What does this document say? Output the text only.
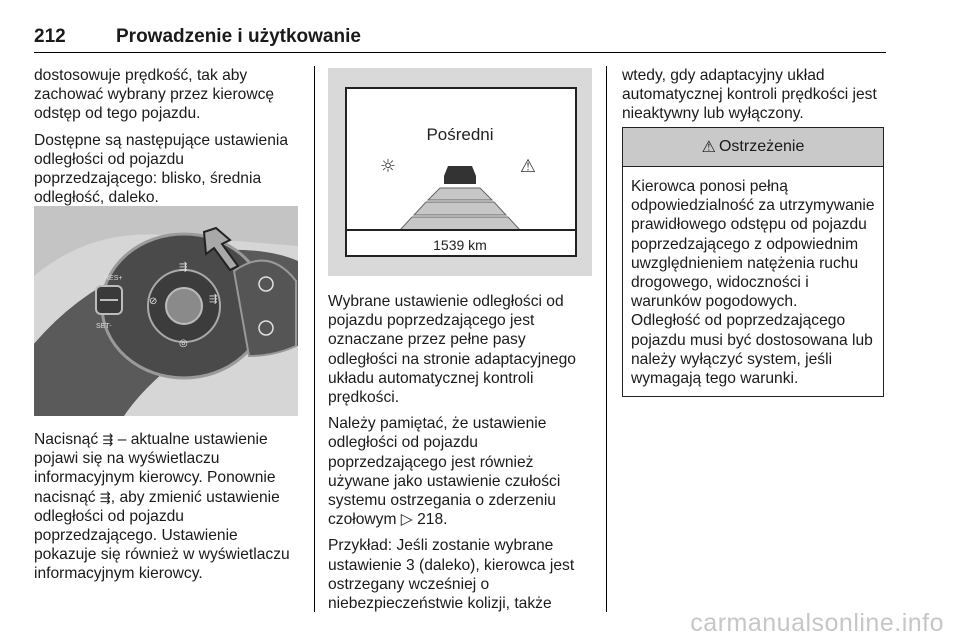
212	Prowadzenie i użytkowanie

dostosowuje prędkość, tak aby zachować wybrany przez kierowcę odstęp od tego pojazdu.

Dostępne są następujące ustawienia odległości od pojazdu poprzedzającego: blisko, średnia odległość, daleko.

RES+
SET-
⊘
◎
⇶
⇶

Nacisnąć ⇶ – aktualne ustawienie pojawi się na wyświetlaczu informacyjnym kierowcy. Ponownie nacisnąć ⇶, aby zmienić ustawienie odległości od pojazdu poprzedzającego. Ustawienie pokazuje się również w wyświetlaczu informacyjnym kierowcy.

Pośredni
☼	⚠
1539 km

Wybrane ustawienie odległości od pojazdu poprzedzającego jest oznaczane przez pełne pasy odległości na stronie adaptacyjnego układu automatycznej kontroli prędkości.

Należy pamiętać, że ustawienie odległości od pojazdu poprzedzającego jest również używane jako ustawienie czułości systemu ostrzegania o zderzeniu czołowym ▷ 218.

Przykład: Jeśli zostanie wybrane ustawienie 3 (daleko), kierowca jest ostrzegany wcześniej o niebezpieczeństwie kolizji, także

wtedy, gdy adaptacyjny układ automatycznej kontroli prędkości jest nieaktywny lub wyłączony.

⚠ Ostrzeżenie

Kierowca ponosi pełną odpowiedzialność za utrzymywanie prawidłowego odstępu od pojazdu poprzedzającego z odpowiednim uwzględnieniem natężenia ruchu drogowego, widoczności i warunków pogodowych.

Odległość od poprzedzającego pojazdu musi być dostosowana lub należy wyłączyć system, jeśli wymagają tego warunki.

carmanualsonline.info
